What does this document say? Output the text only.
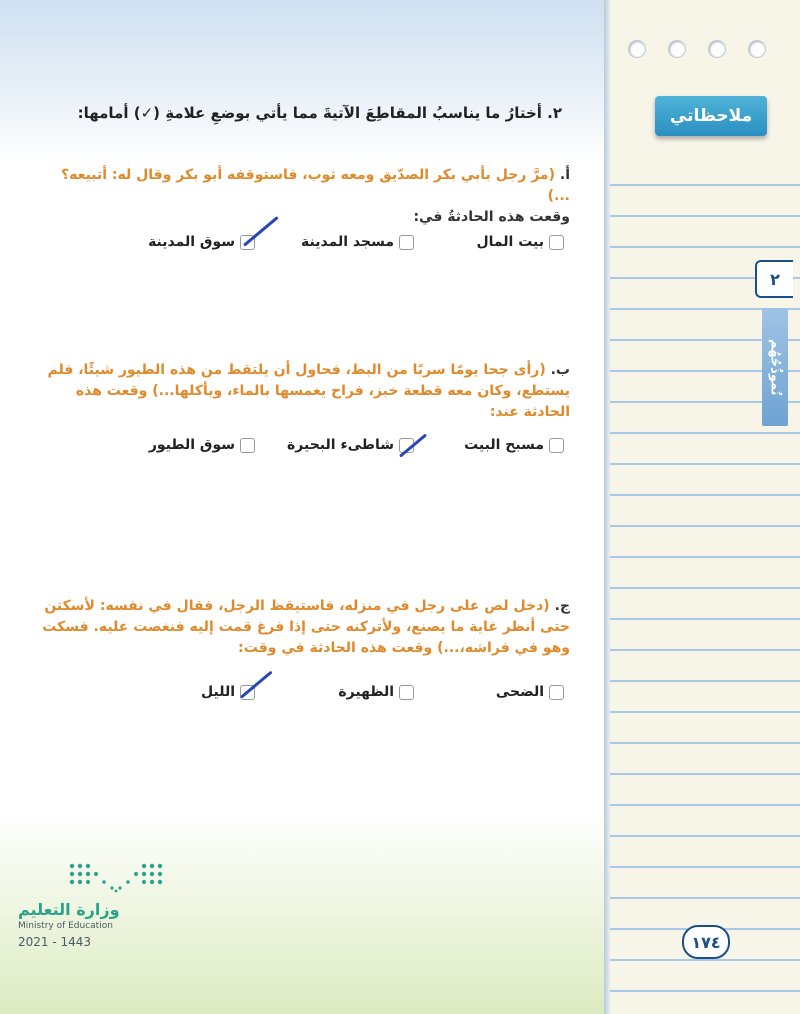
ملاحظاتي
٢
نُموذُجُهُم
٢. أختارُ ما يناسبُ المقاطِعَ الآتيةَ مما يأتي بوضعِ علامةِ (✓) أمامها:
أ. (مرَّ رجل بأبي بكر الصدّيق ومعه ثوب، فاستوقفه أبو بكر وقال له: أتبيعه؟ ...)
وقعت هذه الحادثةُ في:
بيت المال
مسجد المدينة
سوق المدينة
ب. (رأى جحا يومًا سربًا من البط، فحاول أن يلتقط من هذه الطيور شيئًا، فلم يستطع، وكان معه قطعة خبز، فراح يغمسها بالماء، ويأكلها...) وقعت هذه الحادثة عند:
مسبح البيت
شاطىء البحيرة
سوق الطيور
ج. (دخل لص على رجل في منزله، فاستيقظ الرجل، فقال في نفسه: لأسكتن حتى أنظر غاية ما يصنع، ولأتركنه حتى إذا فرغ قمت إليه فنغصت عليه. فسكت وهو في فراشه،...) وقعت هذه الحادثة في وقت:
الضحى
الظهيرة
الليل
وزارة التعليم
Ministry of Education
2021 - 1443	١٧٤
